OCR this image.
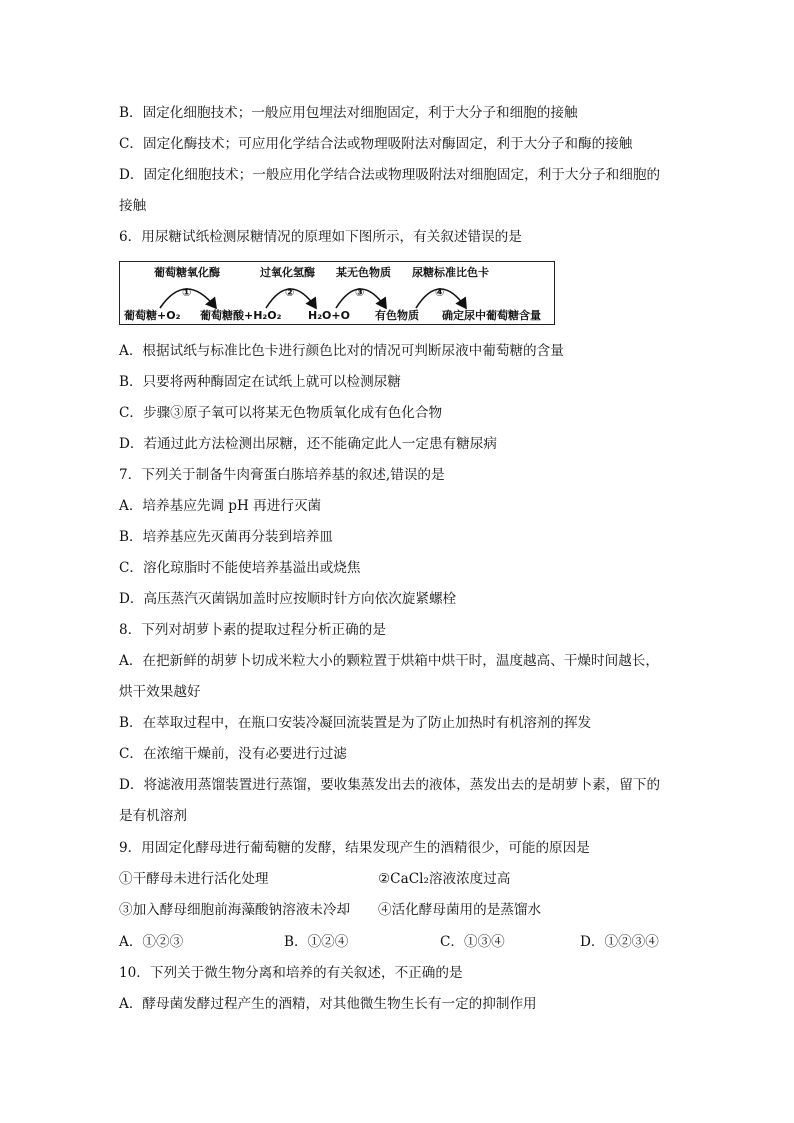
B．固定化细胞技术；一般应用包埋法对细胞固定，利于大分子和细胞的接触
C．固定化酶技术；可应用化学结合法或物理吸附法对酶固定，利于大分子和酶的接触
D．固定化细胞技术；一般应用化学结合法或物理吸附法对细胞固定，利于大分子和细胞的
接触
6．用尿糖试纸检测尿糖情况的原理如下图所示，有关叙述错误的是
葡萄糖氧化酶	过氧化氢酶 某无色物质 尿糖标准比色卡
①	②	③	④
葡萄糖+O₂ 葡萄糖酸+H₂O₂ H₂O+O 有色物质 确定尿中葡萄糖含量
A．根据试纸与标准比色卡进行颜色比对的情况可判断尿液中葡萄糖的含量
B．只要将两种酶固定在试纸上就可以检测尿糖
C．步骤③原子氧可以将某无色物质氧化成有色化合物
D．若通过此方法检测出尿糖，还不能确定此人一定患有糖尿病
7．下列关于制备牛肉膏蛋白胨培养基的叙述,错误的是
A．培养基应先调 pH 再进行灭菌
B．培养基应先灭菌再分装到培养皿
C．溶化琼脂时不能使培养基溢出或烧焦
D．高压蒸汽灭菌锅加盖时应按顺时针方向依次旋紧螺栓
8．下列对胡萝卜素的提取过程分析正确的是
A．在把新鲜的胡萝卜切成米粒大小的颗粒置于烘箱中烘干时，温度越高、干燥时间越长，
烘干效果越好
B．在萃取过程中，在瓶口安装冷凝回流装置是为了防止加热时有机溶剂的挥发
C．在浓缩干燥前，没有必要进行过滤
D．将滤液用蒸馏装置进行蒸馏，要收集蒸发出去的液体，蒸发出去的是胡萝卜素，留下的
是有机溶剂
9．用固定化酵母进行葡萄糖的发酵，结果发现产生的酒精很少，可能的原因是
①干酵母未进行活化处理	②CaCl₂溶液浓度过高
③加入酵母细胞前海藻酸钠溶液未冷却 ④活化酵母菌用的是蒸馏水
A．①②③	B．①②④	C．①③④	D．①②③④
10．下列关于微生物分离和培养的有关叙述，不正确的是
A．酵母菌发酵过程产生的酒精，对其他微生物生长有一定的抑制作用
